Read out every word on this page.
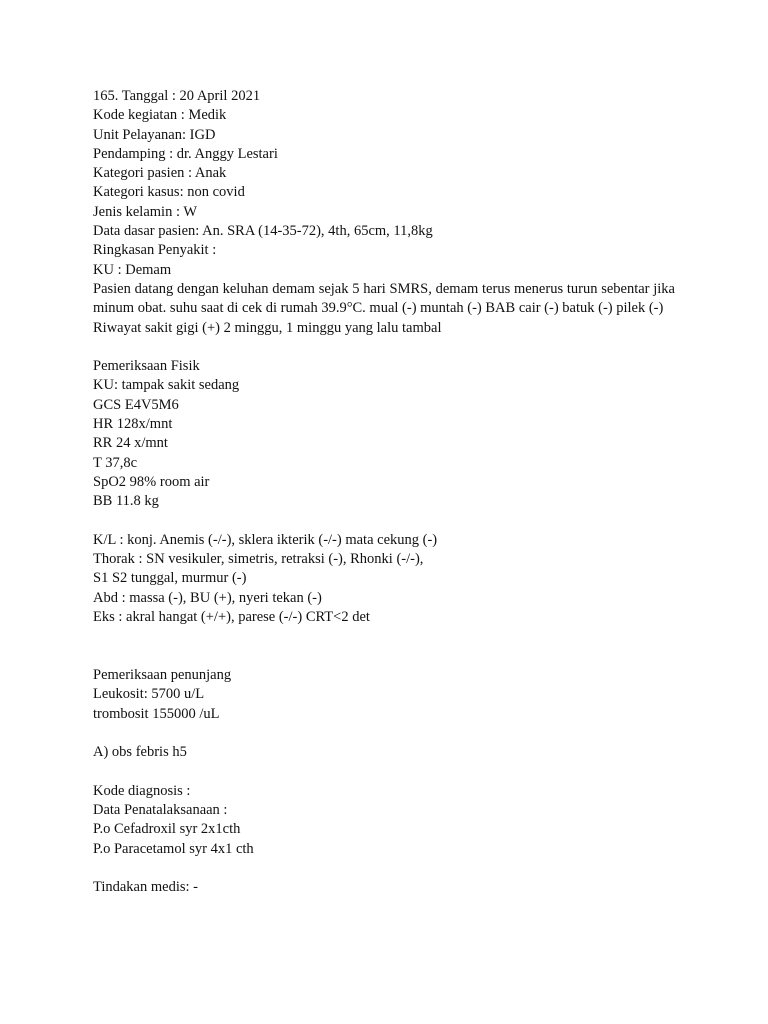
165. Tanggal : 20 April 2021
Kode kegiatan : Medik
Unit Pelayanan: IGD
Pendamping : dr. Anggy Lestari
Kategori pasien : Anak
Kategori kasus: non covid
Jenis kelamin : W
Data dasar pasien: An. SRA (14-35-72), 4th, 65cm, 11,8kg
Ringkasan Penyakit :
KU : Demam
Pasien datang dengan keluhan demam sejak 5 hari SMRS, demam terus menerus turun sebentar jika minum obat. suhu saat di cek di rumah 39.9°C. mual (-) muntah (-) BAB cair (-) batuk (-) pilek (-)
Riwayat sakit gigi (+) 2 minggu, 1 minggu yang lalu tambal
Pemeriksaan Fisik
KU: tampak sakit sedang
GCS E4V5M6
HR 128x/mnt
RR 24 x/mnt
T 37,8c
SpO2 98% room air
BB 11.8 kg
K/L : konj. Anemis (-/-), sklera ikterik (-/-) mata cekung (-)
Thorak : SN vesikuler, simetris, retraksi (-), Rhonki (-/-),
S1 S2 tunggal, murmur (-)
Abd : massa (-), BU (+), nyeri tekan (-)
Eks : akral hangat (+/+), parese (-/-) CRT<2 det
Pemeriksaan penunjang
Leukosit: 5700 u/L
trombosit 155000 /uL
A) obs febris h5
Kode diagnosis :
Data Penatalaksanaan :
P.o Cefadroxil syr 2x1cth
P.o Paracetamol syr 4x1 cth
Tindakan medis: -
